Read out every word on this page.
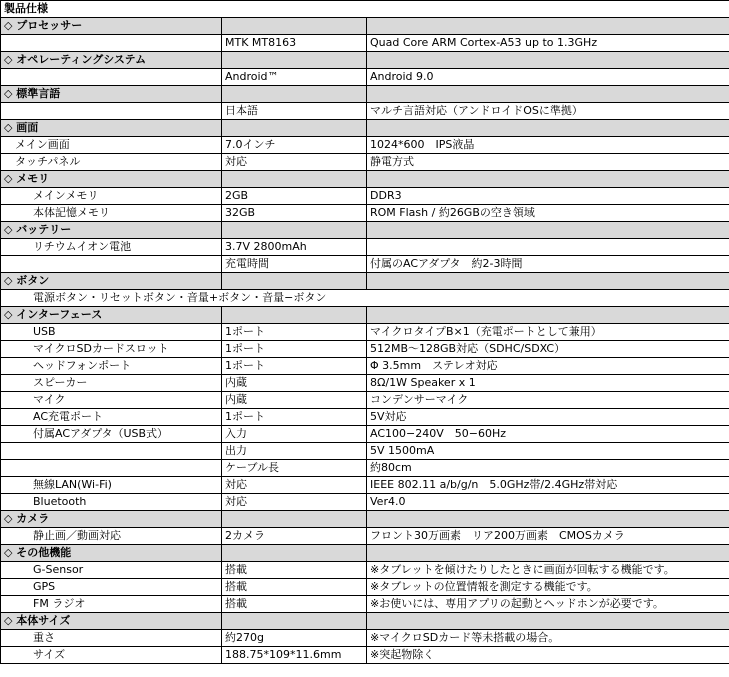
製品仕様		
◇ プロセッサー		
	MTK MT8163	Quad Core ARM Cortex-A53 up to 1.3GHz
◇ オペレーティングシステム		
	Android™	Android 9.0
◇ 標準言語		
	日本語	マルチ言語対応（アンドロイドOSに準拠）
◇ 画面		
メイン画面	7.0インチ	1024*600　IPS液晶
タッチパネル	対応	静電方式
◇ メモリ		
メインメモリ	2GB	DDR3
本体記憶メモリ	32GB	ROM Flash / 約26GBの空き領域
◇ バッテリー		
リチウムイオン電池	3.7V 2800mAh	
	充電時間	付属のACアダプタ　約2-3時間
◇ ボタン		
電源ボタン・リセットボタン・音量+ボタン・音量−ボタン		
◇ インターフェース		
USB	1ポート	マイクロタイプB×1（充電ポートとして兼用）
マイクロSDカードスロット	1ポート	512MB～128GB対応（SDHC/SDXC）
ヘッドフォンポート	1ポート	Φ 3.5mm　ステレオ対応
スピーカー	内蔵	8Ω/1W Speaker x 1
マイク	内蔵	コンデンサーマイク
AC充電ポート	1ポート	5V対応
付属ACアダプタ（USB式）	入力	AC100−240V　50−60Hz
	出力	5V 1500mA
	ケーブル長	約80cm
無線LAN(Wi-Fi)	対応	IEEE 802.11 a/b/g/n　5.0GHz帯/2.4GHz帯対応
Bluetooth	対応	Ver4.0
◇ カメラ		
静止画／動画対応	2カメラ	フロント30万画素　リア200万画素　CMOSカメラ
◇ その他機能		
G-Sensor	搭載	※タブレットを傾けたりしたときに画面が回転する機能です。
GPS	搭載	※タブレットの位置情報を測定する機能です。
FM ラジオ	搭載	※お使いには、専用アプリの起動とヘッドホンが必要です。
◇ 本体サイズ		
重さ	約270g	※マイクロSDカード等未搭載の場合。
サイズ	188.75*109*11.6mm	※突起物除く
